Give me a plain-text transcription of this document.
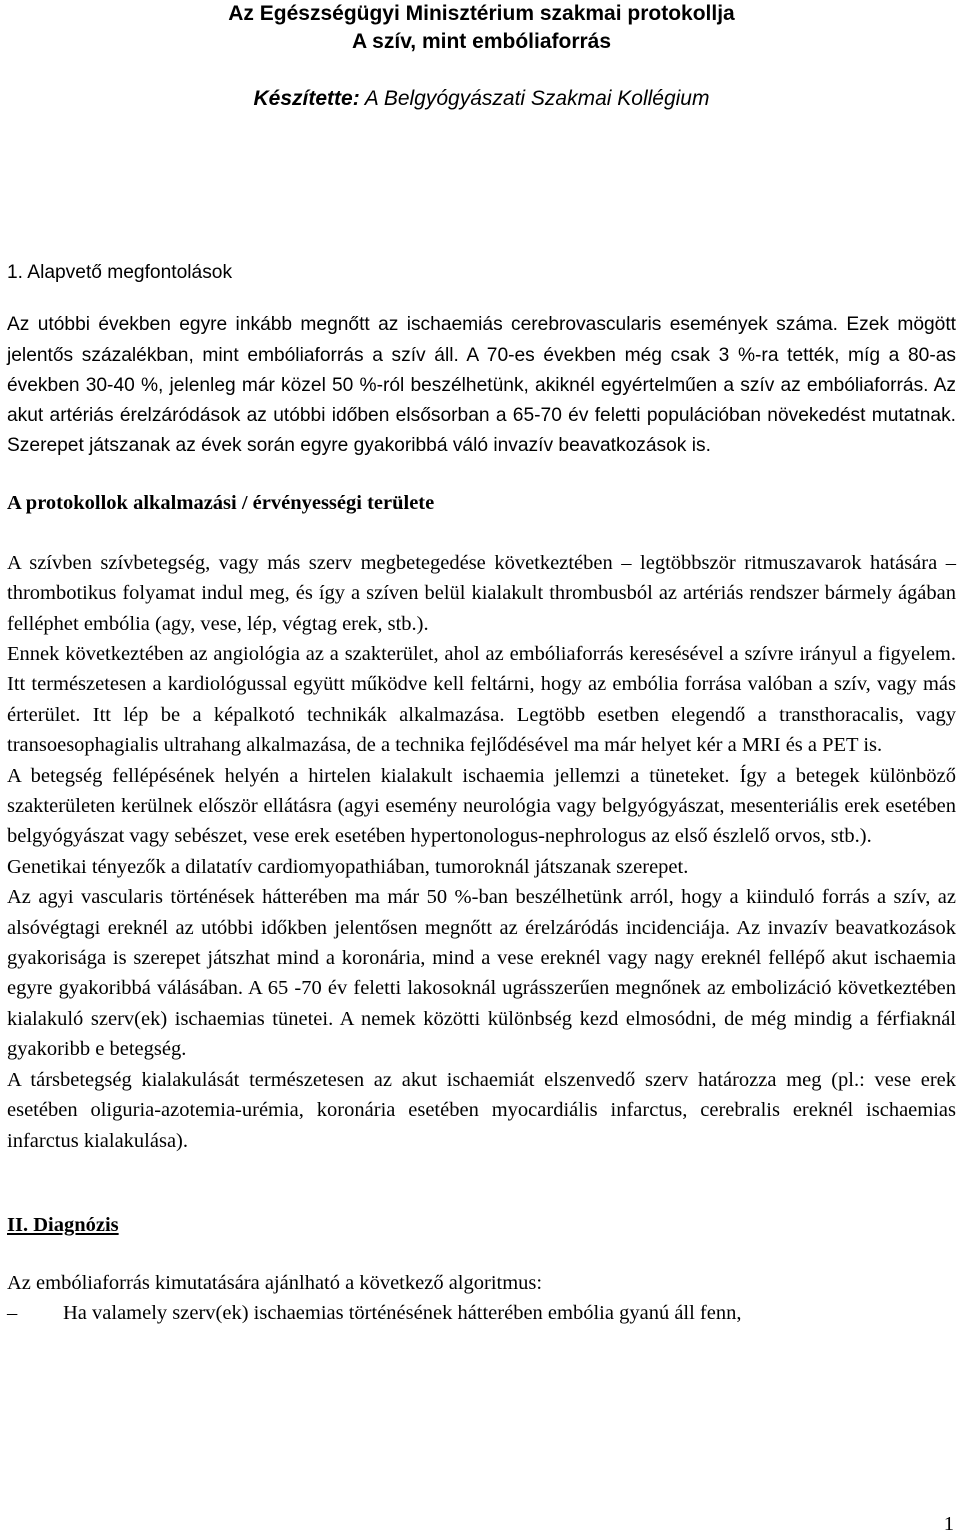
Az Egészségügyi Minisztérium szakmai protokollja

A szív, mint embóliaforrás

Készítette: A Belgyógyászati Szakmai Kollégium

1. Alapvető megfontolások

Az utóbbi években egyre inkább megnőtt az ischaemiás cerebrovascularis események száma. Ezek mögött jelentős százalékban, mint embóliaforrás a szív áll. A 70-es években még csak 3 %-ra tették, míg a 80-as években 30-40 %, jelenleg már közel 50 %-ról beszélhetünk, akiknél egyértelműen a szív az embóliaforrás. Az akut artériás érelzáródások az utóbbi időben elsősorban a 65-70 év feletti populációban növekedést mutatnak. Szerepet játszanak az évek során egyre gyakoribbá váló invazív beavatkozások is.

A protokollok alkalmazási / érvényességi területe

A szívben szívbetegség, vagy más szerv megbetegedése következtében – legtöbbször ritmuszavarok hatására – thrombotikus folyamat indul meg, és így a szíven belül kialakult thrombusból az artériás rendszer bármely ágában felléphet embólia (agy, vese, lép, végtag erek, stb.).

Ennek következtében az angiológia az a szakterület, ahol az embóliaforrás keresésével a szívre irányul a figyelem. Itt természetesen a kardiológussal együtt működve kell feltárni, hogy az embólia forrása valóban a szív, vagy más érterület. Itt lép be a képalkotó technikák alkalmazása. Legtöbb esetben elegendő a transthoracalis, vagy transoesophagialis ultrahang alkalmazása, de a technika fejlődésével ma már helyet kér a MRI és a PET is.

A betegség fellépésének helyén a hirtelen kialakult ischaemia jellemzi a tüneteket. Így a betegek különböző szakterületen kerülnek először ellátásra (agyi esemény neurológia vagy belgyógyászat, mesenteriális erek esetében belgyógyászat vagy sebészet, vese erek esetében hypertonologus-nephrologus az első észlelő orvos, stb.).

Genetikai tényezők a dilatatív cardiomyopathiában, tumoroknál játszanak szerepet.

Az agyi vascularis történések hátterében ma már 50 %-ban beszélhetünk arról, hogy a kiinduló forrás a szív, az alsóvégtagi ereknél az utóbbi időkben jelentősen megnőtt az érelzáródás incidenciája. Az invazív beavatkozások gyakorisága is szerepet játszhat mind a koronária, mind a vese ereknél vagy nagy ereknél fellépő akut ischaemia egyre gyakoribbá válásában. A 65 -70 év feletti lakosoknál ugrásszerűen megnőnek az embolizáció következtében kialakuló szerv(ek) ischaemias tünetei. A nemek közötti különbség kezd elmosódni, de még mindig a férfiaknál gyakoribb e betegség.

A társbetegség kialakulását természetesen az akut ischaemiát elszenvedő szerv határozza meg (pl.: vese erek esetében oliguria-azotemia-urémia, koronária esetében myocardiális infarctus, cerebralis ereknél ischaemias infarctus kialakulása).

II. Diagnózis

Az embóliaforrás kimutatására ajánlható a következő algoritmus:

–	Ha valamely szerv(ek) ischaemias történésének hátterében embólia gyanú áll fenn,
1
